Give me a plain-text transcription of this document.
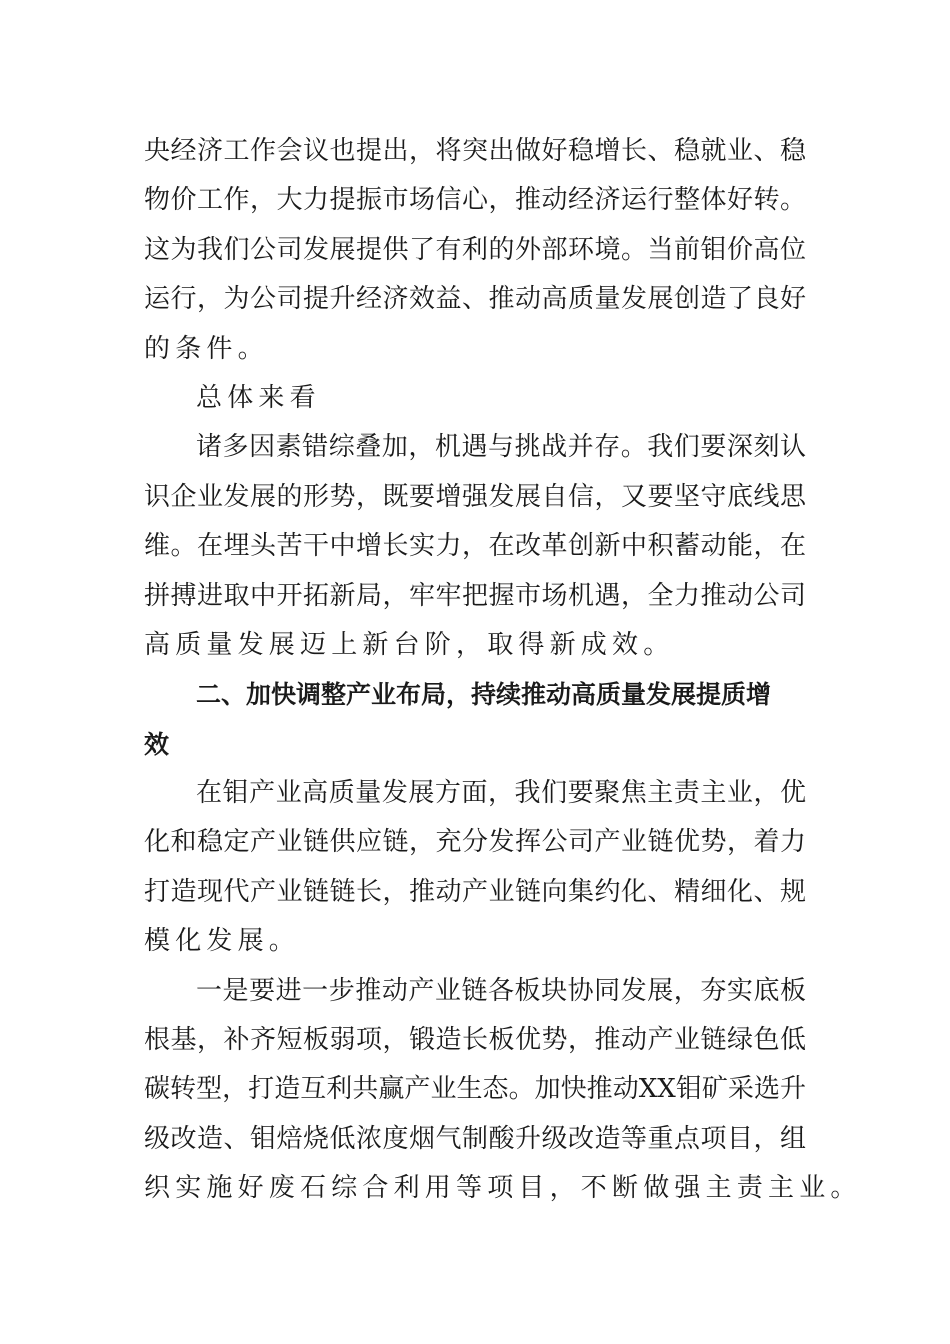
央经济工作会议也提出，将突出做好稳增长、稳就业、稳
物价工作，大力提振市场信心，推动经济运行整体好转。
这为我们公司发展提供了有利的外部环境。当前钼价高位
运行，为公司提升经济效益、推动高质量发展创造了良好
的条件。
总体来看
诸多因素错综叠加，机遇与挑战并存。我们要深刻认
识企业发展的形势，既要增强发展自信，又要坚守底线思
维。在埋头苦干中增长实力，在改革创新中积蓄动能，在
拼搏进取中开拓新局，牢牢把握市场机遇，全力推动公司
高质量发展迈上新台阶，取得新成效。
二、加快调整产业布局，持续推动高质量发展提质增
效
在钼产业高质量发展方面，我们要聚焦主责主业，优
化和稳定产业链供应链，充分发挥公司产业链优势，着力
打造现代产业链链长，推动产业链向集约化、精细化、规
模化发展。
一是要进一步推动产业链各板块协同发展，夯实底板
根基，补齐短板弱项，锻造长板优势，推动产业链绿色低
碳转型，打造互利共赢产业生态。加快推动XX钼矿采选升
级改造、钼焙烧低浓度烟气制酸升级改造等重点项目，组
织实施好废石综合利用等项目，不断做强主责主业。
